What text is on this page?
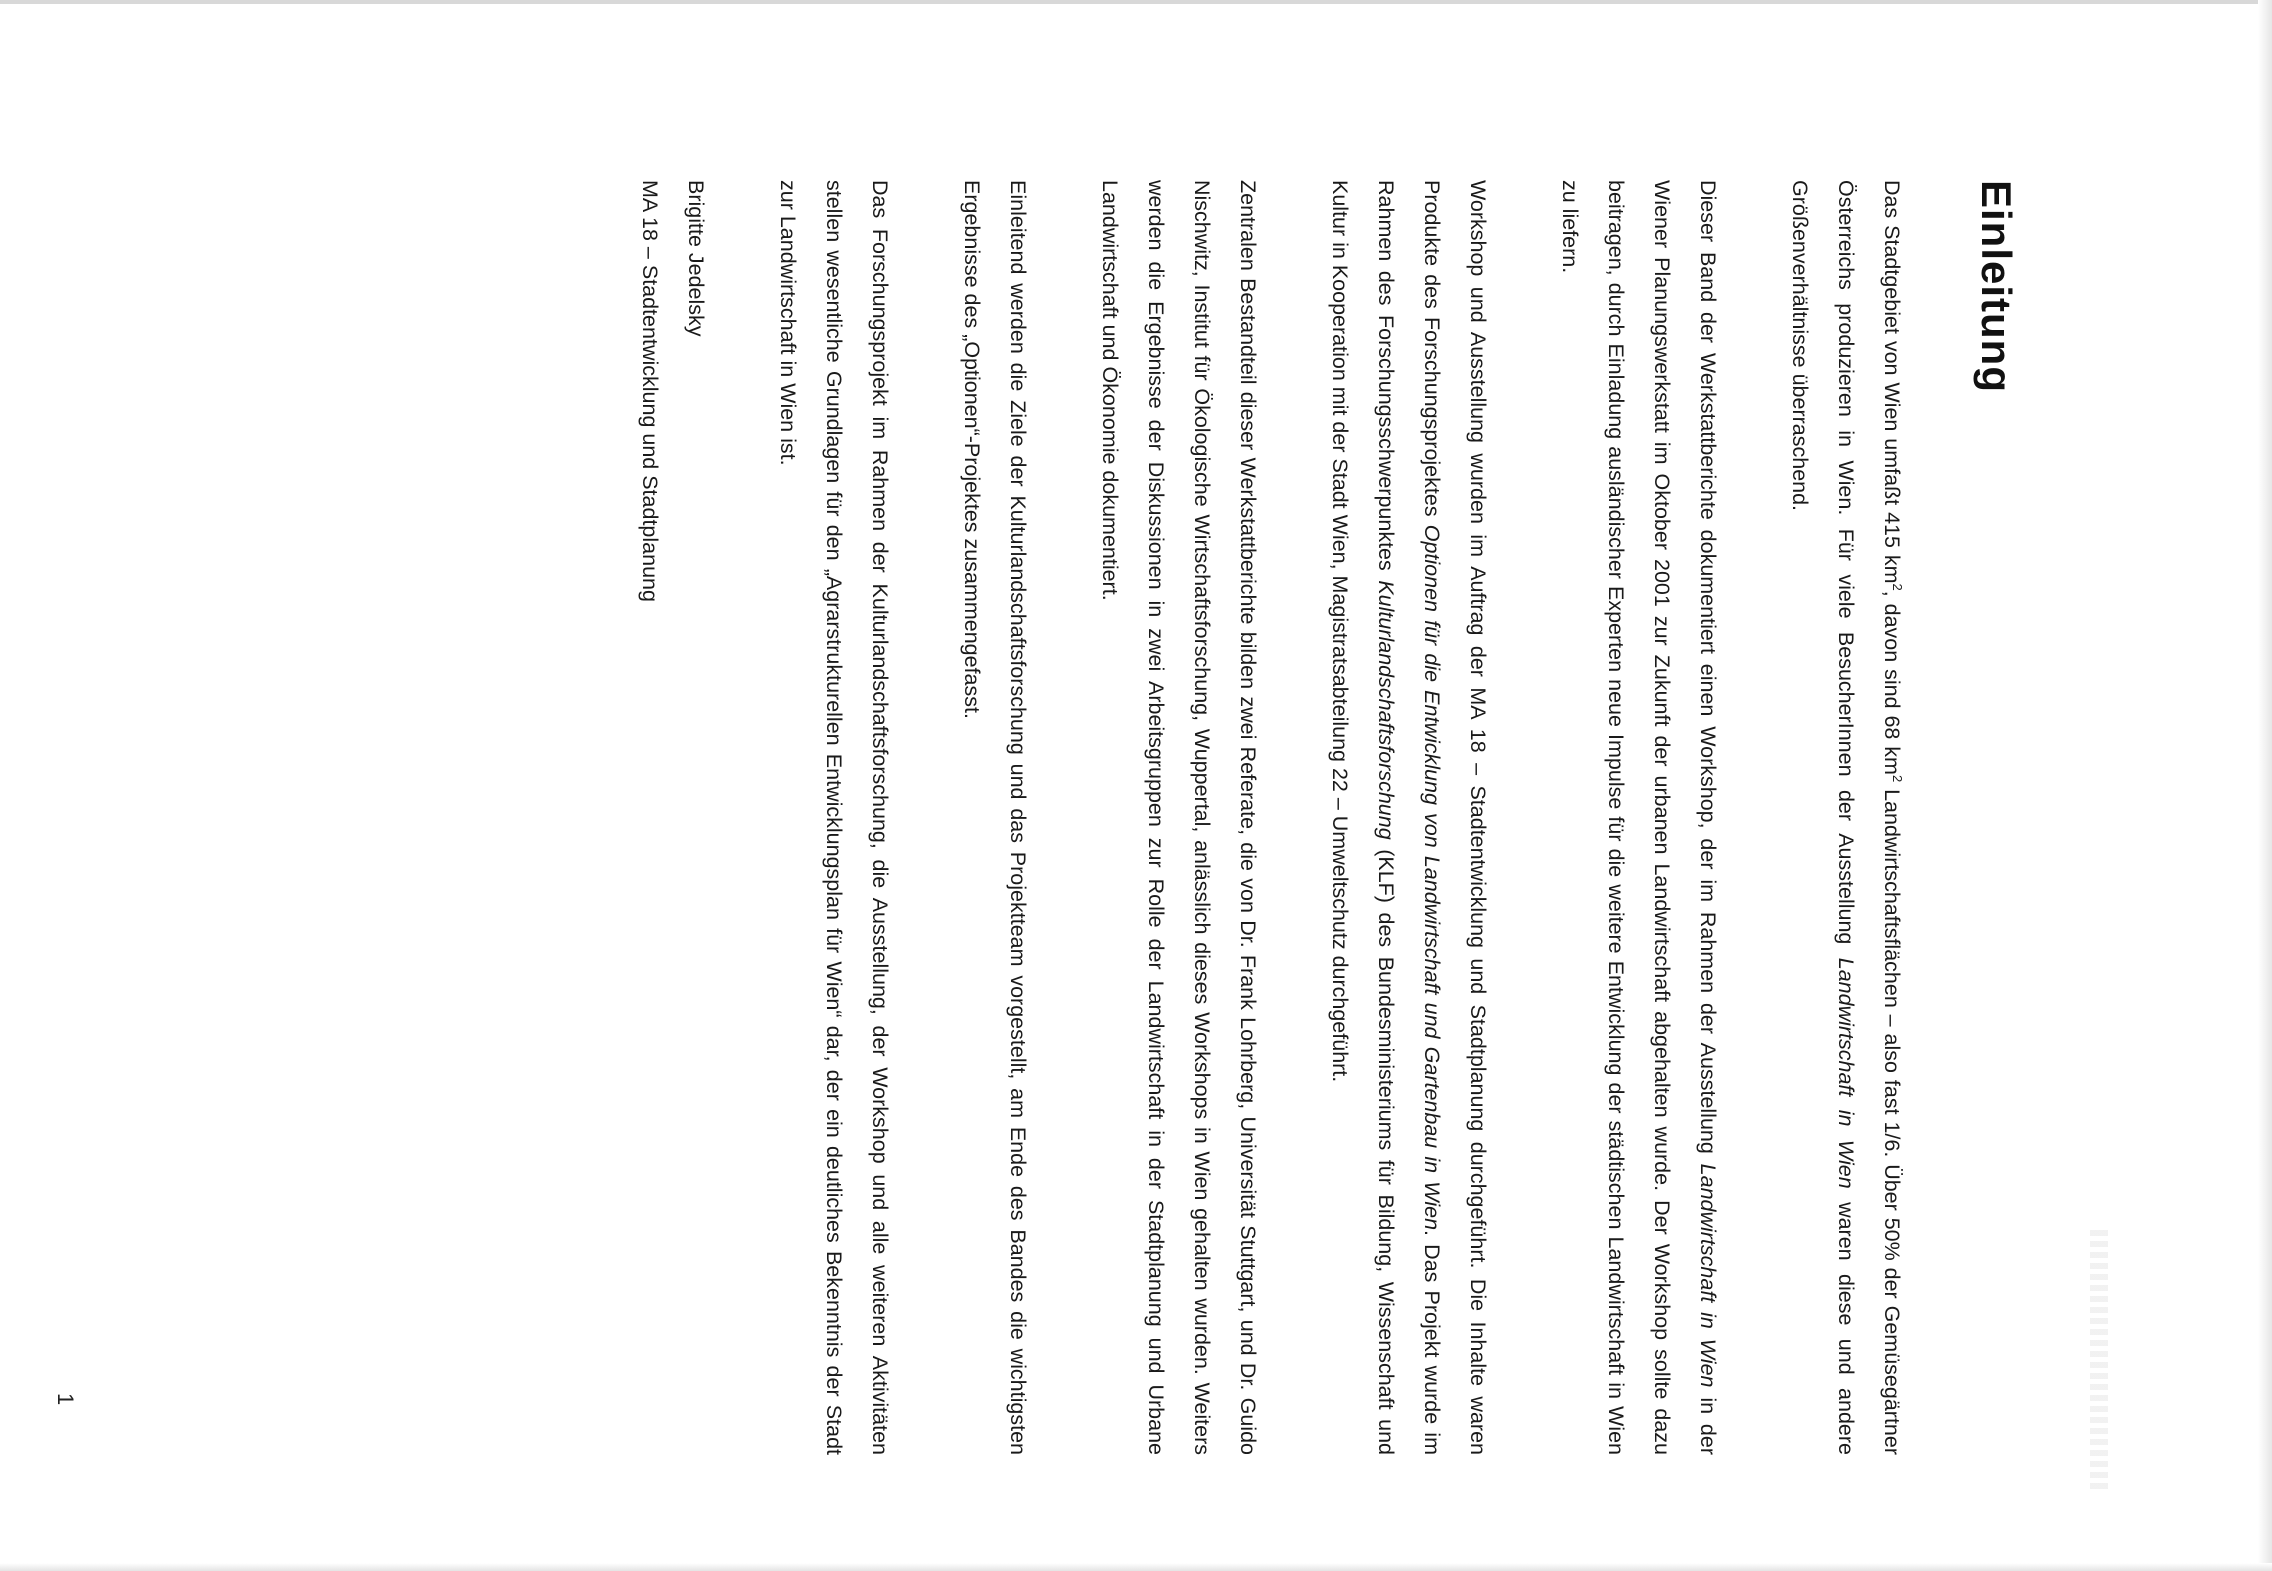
Einleitung

Das Stadtgebiet von Wien umfaßt 415 $km^2$, davon sind 68 $km^2$ Landwirtschaftsflächen – also fast 1/6. Über 50% der Gemüsegärtner Österreichs produzieren in Wien. Für viele BesucherInnen der Ausstellung Landwirtschaft in Wien waren diese und andere Größenverhältnisse überraschend.

Dieser Band der Werkstattberichte dokumentiert einen Workshop, der im Rahmen der Ausstellung Landwirtschaft in Wien in der Wiener Planungswerkstatt im Oktober 2001 zur Zukunft der urbanen Landwirtschaft abgehalten wurde. Der Workshop sollte dazu beitragen, durch Einladung ausländischer Experten neue Impulse für die weitere Entwicklung der städtischen Landwirtschaft in Wien zu liefern.

Workshop und Ausstellung wurden im Auftrag der MA 18 – Stadtentwicklung und Stadtplanung durchgeführt. Die Inhalte waren Produkte des Forschungsprojektes Optionen für die Entwicklung von Landwirtschaft und Gartenbau in Wien. Das Projekt wurde im Rahmen des Forschungsschwerpunktes Kulturlandschaftsforschung (KLF) des Bundesministeriums für Bildung, Wissenschaft und Kultur in Kooperation mit der Stadt Wien, Magistratsabteilung 22 – Umweltschutz durchgeführt.

Zentralen Bestandteil dieser Werkstattberichte bilden zwei Referate, die von Dr. Frank Lohrberg, Universität Stuttgart, und Dr. Guido Nischwitz, Institut für Ökologische Wirtschaftsforschung, Wuppertal, anlässlich dieses Workshops in Wien gehalten wurden. Weiters werden die Ergebnisse der Diskussionen in zwei Arbeitsgruppen zur Rolle der Landwirtschaft in der Stadtplanung und Urbane Landwirtschaft und Ökonomie dokumentiert.

Einleitend werden die Ziele der Kulturlandschaftsforschung und das Projektteam vorgestellt, am Ende des Bandes die wichtigsten Ergebnisse des „Optionen“-Projektes zusammengefasst.

Das Forschungsprojekt im Rahmen der Kulturlandschaftsforschung, die Ausstellung, der Workshop und alle weiteren Aktivitäten stellen wesentliche Grundlagen für den „Agrarstrukturellen Entwicklungsplan für Wien“ dar, der ein deutliches Bekenntnis der Stadt zur Landwirtschaft in Wien ist.

Brigitte Jedelsky
MA 18 – Stadtentwicklung und Stadtplanung
1
